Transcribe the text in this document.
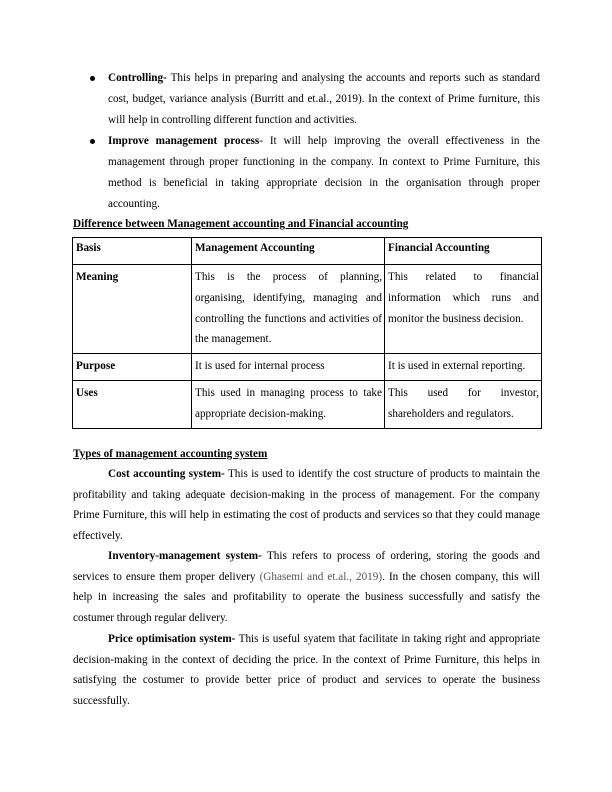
Controlling- This helps in preparing and analysing the accounts and reports such as standard cost, budget, variance analysis (Burritt and et.al., 2019). In the context of Prime furniture, this will help in controlling different function and activities.
Improve management process- It will help improving the overall effectiveness in the management through proper functioning in the company. In context to Prime Furniture, this method is beneficial in taking appropriate decision in the organisation through proper accounting.
Difference between Management accounting and Financial accounting
Basis	Management Accounting	Financial Accounting
Meaning	This is the process of planning, organising, identifying, managing and controlling the functions and activities of the management.	This related to financial information which runs and monitor the business decision.
Purpose	It is used for internal process	It is used in external reporting.
Uses	This used in managing process to take appropriate decision-making.	This used for investor, shareholders and regulators.
Types of management accounting system
Cost accounting system- This is used to identify the cost structure of products to maintain the profitability and taking adequate decision-making in the process of management. For the company Prime Furniture, this will help in estimating the cost of products and services so that they could manage effectively.
Inventory-management system- This refers to process of ordering, storing the goods and services to ensure them proper delivery (Ghasemi and et.al., 2019). In the chosen company, this will help in increasing the sales and profitability to operate the business successfully and satisfy the costumer through regular delivery.
Price optimisation system- This is useful syatem that facilitate in taking right and appropriate decision-making in the context of deciding the price. In the context of Prime Furniture, this helps in satisfying the costumer to provide better price of product and services to operate the business successfully.
